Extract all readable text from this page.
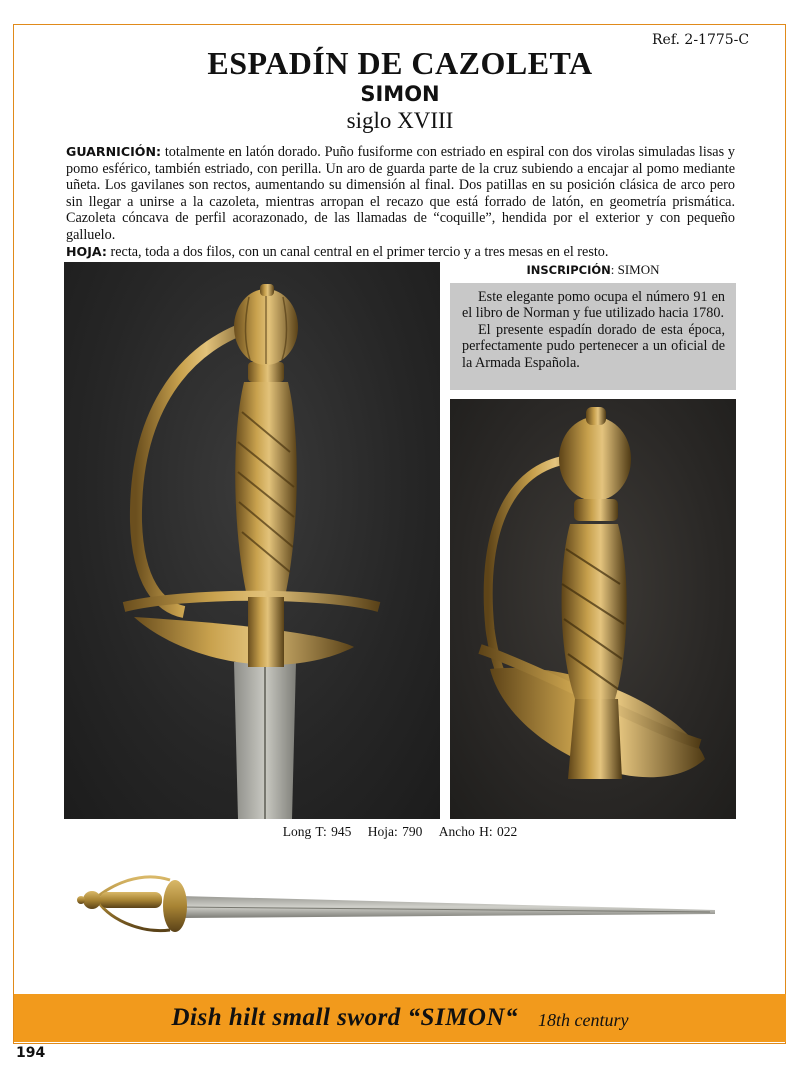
Ref. 2-1775-C
ESPADÍN DE CAZOLETA
SIMON
siglo XVIII
GUARNICIÓN: totalmente en latón dorado. Puño fusiforme con estriado en espiral con dos virolas simuladas lisas y pomo esférico, también estriado, con perilla. Un aro de guarda parte de la cruz subiendo a encajar al pomo mediante uñeta. Los gavilanes son rectos, aumentando su dimensión al final. Dos patillas en su posición clásica de arco pero sin llegar a unirse a la cazoleta, mientras arropan el recazo que está forrado de latón, en geometría prismática. Cazoleta cóncava de perfil acorazonado, de las llamadas de “coquille”, hendida por el exterior y con pequeño galluelo.
HOJA: recta, toda a dos filos, con un canal central en el primer tercio y a tres mesas en el resto.
INSCRIPCIÓN: SIMON

Este elegante pomo ocupa el número 91 en el libro de Norman y fue utilizado hacia 1780.

El presente espadín dorado de esta época, perfectamente pudo pertenecer a un oficial de la Armada Española.

Long T: 945 Hoja: 790 Ancho H: 022
Dish hilt small sword “SIMON“ 18th century
194
